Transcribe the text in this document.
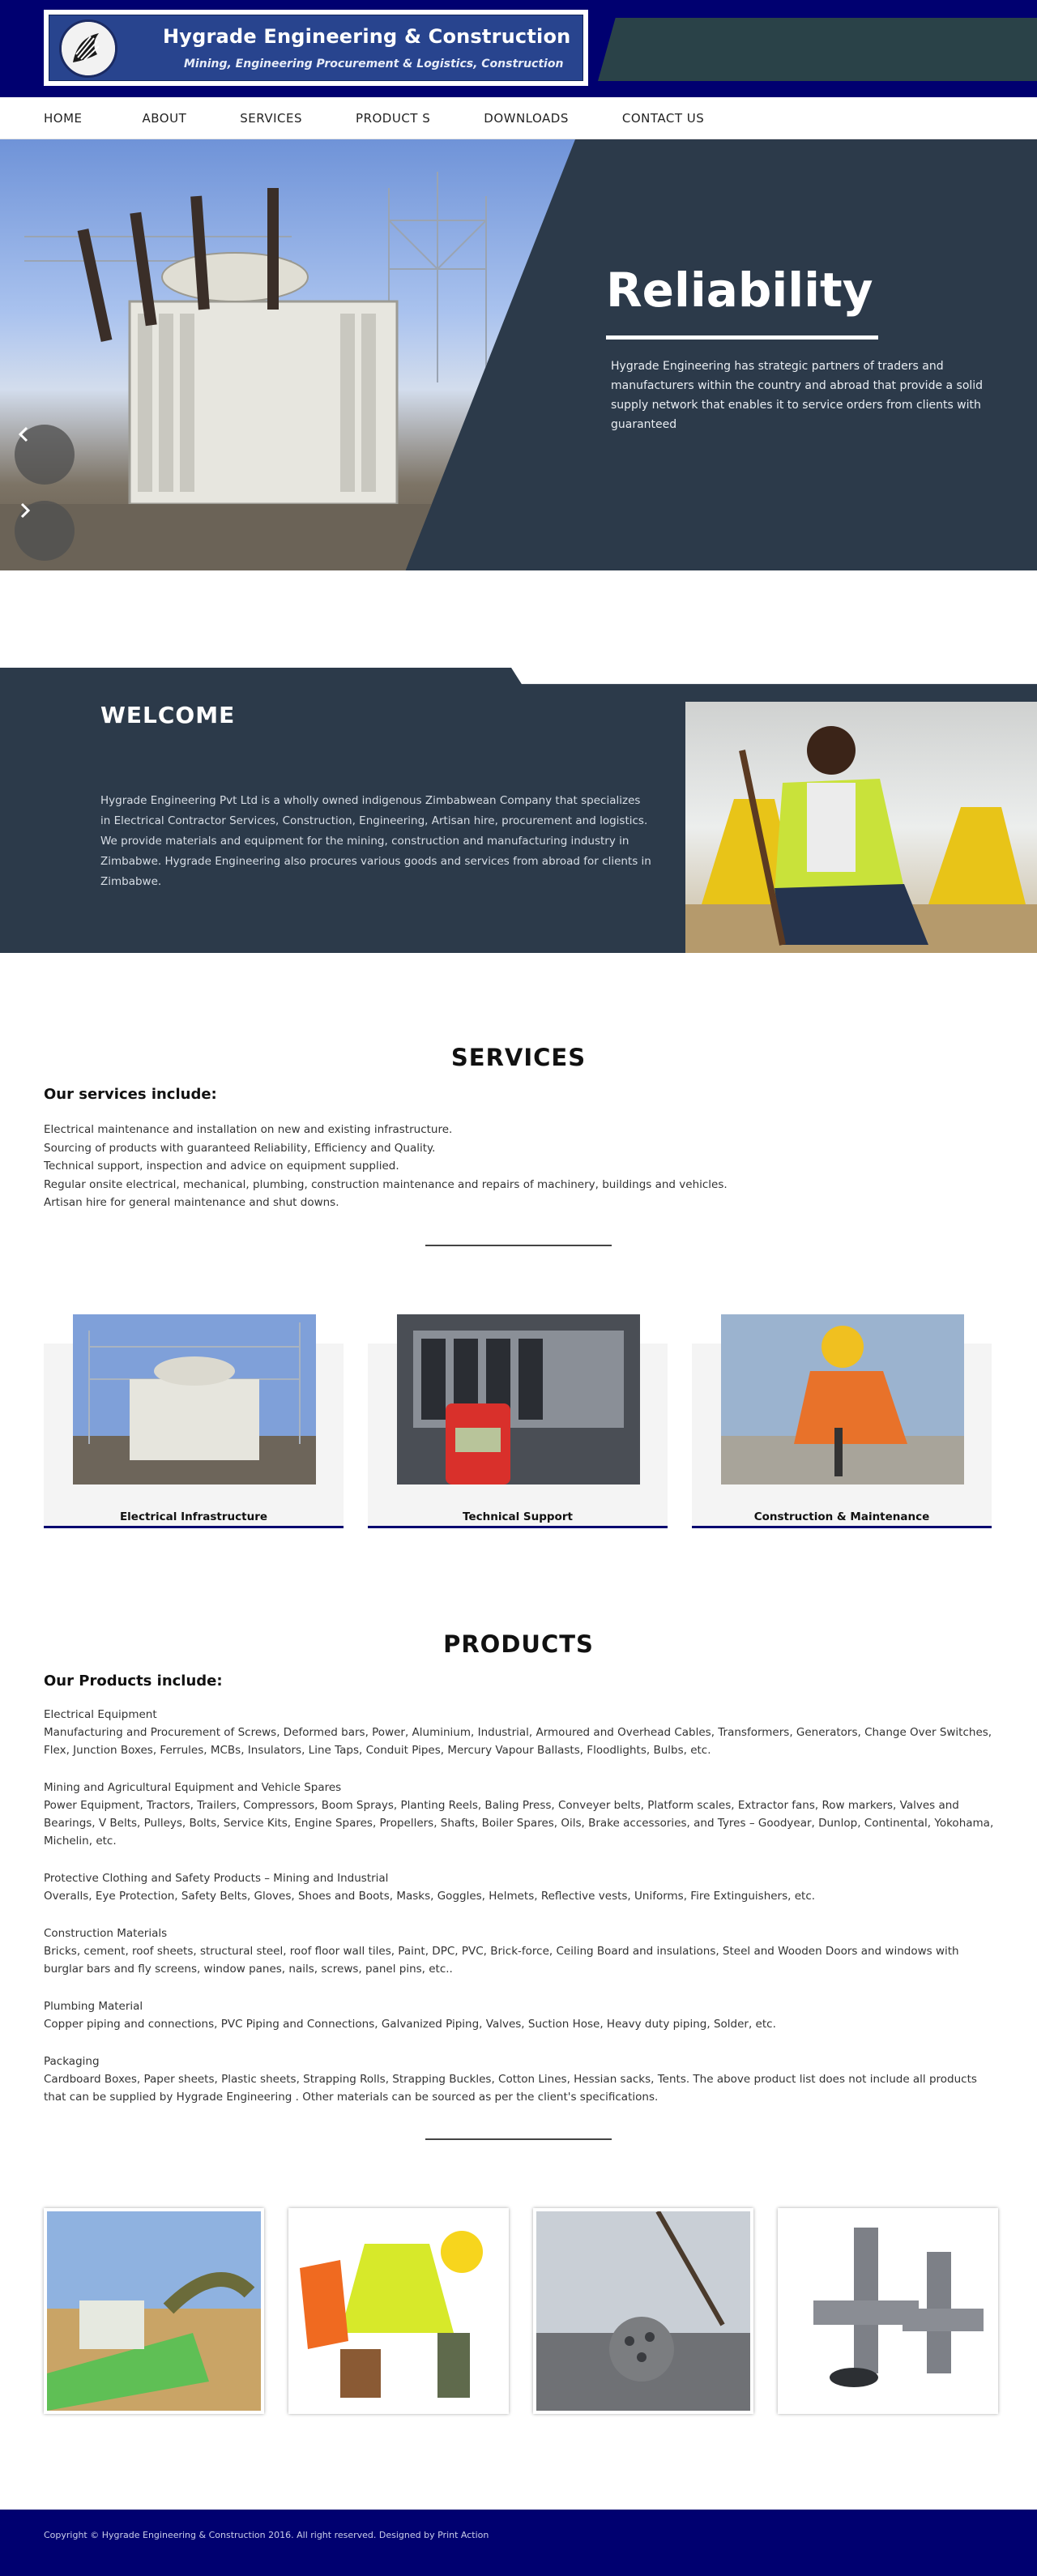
Hygrade Engineering & Construction
Mining, Engineering Procurement & Logistics, Construction
HOME	ABOUT	SERVICES	PRODUCT S	DOWNLOADS	CONTACT US
Reliability
Hygrade Engineering has strategic partners of traders and manufacturers within the country and abroad that provide a solid supply network that enables it to service orders from clients with guaranteed
WELCOME

Hygrade Engineering Pvt Ltd is a wholly owned indigenous Zimbabwean Company that specializes in Electrical Contractor Services, Construction, Engineering, Artisan hire, procurement and logistics. We provide materials and equipment for the mining, construction and manufacturing industry in Zimbabwe. Hygrade Engineering also procures various goods and services from abroad for clients in Zimbabwe.

SERVICES
Our services include:
Electrical maintenance and installation on new and existing infrastructure.
Sourcing of products with guaranteed Reliability, Efficiency and Quality.
Technical support, inspection and advice on equipment supplied.
Regular onsite electrical, mechanical, plumbing, construction maintenance and repairs of machinery, buildings and vehicles.
Artisan hire for general maintenance and shut downs.
Electrical Infrastructure	Technical Support	Construction & Maintenance
PRODUCTS
Our Products include:
Electrical Equipment
Manufacturing and Procurement of Screws, Deformed bars, Power, Aluminium, Industrial, Armoured and Overhead Cables, Transformers, Generators, Change Over Switches, Flex, Junction Boxes, Ferrules, MCBs, Insulators, Line Taps, Conduit Pipes, Mercury Vapour Ballasts, Floodlights, Bulbs, etc.
Mining and Agricultural Equipment and Vehicle Spares
Power Equipment, Tractors, Trailers, Compressors, Boom Sprays, Planting Reels, Baling Press, Conveyer belts, Platform scales, Extractor fans, Row markers, Valves and Bearings, V Belts, Pulleys, Bolts, Service Kits, Engine Spares, Propellers, Shafts, Boiler Spares, Oils, Brake accessories, and Tyres – Goodyear, Dunlop, Continental, Yokohama, Michelin, etc.
Protective Clothing and Safety Products – Mining and Industrial
Overalls, Eye Protection, Safety Belts, Gloves, Shoes and Boots, Masks, Goggles, Helmets, Reflective vests, Uniforms, Fire Extinguishers, etc.
Construction Materials
Bricks, cement, roof sheets, structural steel, roof floor wall tiles, Paint, DPC, PVC, Brick-force, Ceiling Board and insulations, Steel and Wooden Doors and windows with burglar bars and fly screens, window panes, nails, screws, panel pins, etc..
Plumbing Material
Copper piping and connections, PVC Piping and Connections, Galvanized Piping, Valves, Suction Hose, Heavy duty piping, Solder, etc.
Packaging
Cardboard Boxes, Paper sheets, Plastic sheets, Strapping Rolls, Strapping Buckles, Cotton Lines, Hessian sacks, Tents. The above product list does not include all products that can be supplied by Hygrade Engineering . Other materials can be sourced as per the client's specifications.

Copyright © Hygrade Engineering & Construction 2016. All right reserved. Designed by Print Action
